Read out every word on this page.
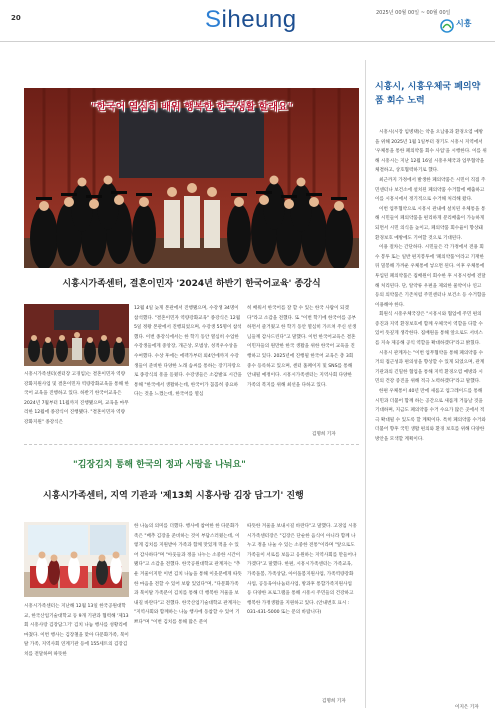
20	Siheung	2025년 00월 00일 ~ 00월 00일
시흥
"한국어 열심히 배워 행복한 한국생활 할래요"
시흥시가족센터, 결혼이민자 '2024년 하반기 한국어교육' 종강식
시흥시가족센터(센터장 고경임)는 결혼이민자 역량강화지원사업 및 결혼이민자 역량강화교육을 통해 한국어 교육을 진행하고 있다. 하반기 한국어교육은 2024년 7월부터 11월까지 진행됐으며, 교육을 마무리한 12월에 종강식이 진행됐다. "결혼이민자 역량강화지원" 종강식은
12월 4일 늦게 본관에서 진행됐으며, 수강생 34명이 참석했다. "결혼이민자 역량강화교육" 종강식은 12월 5일 정왕 본관에서 진행되었으며, 수강생 55명이 참석했다. 이번 종강식에서는 한 학기 동안 열심히 수업한 수강생들에게 중앙장, 개근상, 모범상, 성적우수상을 수여했다. 수상 후에는 에펙가부터 외4언에까지 수강생들이 준비한 다양한 노래 솜씨를 통하는 장기자랑으로 종강식의 흥을 돋웠다. 수강생들은 소감발표 시간을 통해 "한국에서 생활하는데, 한국어가 꼼꼼히 중요하다는 것을 느꼈는데, 한국어를 열심
히 배워서 한국어를 잘 할 수 있는 한국 사람이 되겠다"라고 소감을 전했다. 또 "이번 학기에 한국어를 공부하면서 즐거웠고 한 학기 동안 열심히 가르쳐 주신 선생님들께 감사드린다"고 말했다. 이번 한국어교육은 결혼이민자들의 원만한 한국 생활을 위한 한국어 교육을 진행하고 있다. 2025년에 진행될 한국어 교육은 총 3회 중수 등록하고 있으며, 센터 홈페이지 및 SNS를 통해 안내될 예정이다. 시흥시가족센터는 지역사회 다양한 가족의 복지를 위해 최선을 다하고 있다.
김명희 기자
"김장김치 통해 한국의 정과 사랑을 나눠요"
시흥시가족센터, 지역 기관과 '제13회 시흥사랑 김장 담그기' 진행
시흥시가족센터는 지난해 12월 13일 한국공원대학교, 한국산업기술대학교 등 9개 기관과 협력해 '제13회 시흥사랑 김장담그기' 김치 나눔 행사를 성황리에 마쳤다. 이번 행사는 김장철을 맞아 다문화가족, 북이탈 가족, 지역사회 연계기관 등에 155세트의 김장김치를 전달하며 따뜻한
한 나눔의 의미를 더했다. 행사에 참여한 한 다문화가족은 "배추 김장을 준비하는 것이 부담스러웠는데, 이렇게 김치를 지원받아 가족과 함께 맛있게 먹을 수 있어 감사하다"며 "아웃들과 정을 나누는 소중한 시간이 됐다"고 소감을 전했다. 한국공원대학교 관계자는 "추운 겨울이지만 이번 김치 나눔을 통해 이웃분에게 따뜻한 마음을 전할 수 있어 보람 있었다"며, "다문화가족과 북이탈 가족분이 김치를 통해 더 행복한 겨울을 보내길 바란다"고 전했다. 한국산업기술대학교 관계자는 "지역사회와 함께하는 나눔 행사에 동참할 수 있어 기쁘다"며 "이번 김치를 통해 많은 분이
따뜻한 겨울을 보내시길 바란다"고 말했다. 고경임 시흥시가족센터장은 "김장은 단순한 음식이 아니라 함께 나누고 정을 나눌 수 있는 소중한 전통"이라며 "앞으로도 가족들이 서로를 보듬고 응원하는 지역사회를 만들어나가겠다"고 말했다. 한편, 시흥시가족센터는 가족교육, 가족돌봄, 가족상담, 아이돌봄지원사업, 가족역량강화사업, 공동육아나눔터사업, 방과후 통합가족지원사업 등 다양한 프로그램을 통해 시흥시 주민들의 건강하고 행복한 가정생활을 지원하고 있다. (안내번호 표시 : 031-431-5000 또는 문의 바랍니다)
김명희 기자
시흥시, 시흥우체국 폐의약품 회수 노력
시흥시(시장 임병택)는 약을 오남용과 환경오염 예방을 위해 2025년 1월 1일부터 경기도 시흥시 지역에서 '우체통을 통한 폐의약품 회수 사업'을 시행한다. 이를 위해 시흥시는 지난 12월 16일 시흥우체국과 업무협약을 체결하고, 상호협력하기로 했다.
최근까지 가정에서 발생한 폐의약품은 시민이 직접 주민센터나 보건소에 설치된 폐의약품 수거함에 배출하고 이를 시흥시에서 정기적으로 수거해 처리해 왔다.
이번 업무협약으로 시흥시 관내에 설치된 우체통을 통해 시민들이 폐의약품을 편리하게 분리배출이 가능하게 되면서 시민 의식을 높이고, 폐의약품 회수율이 향상돼 환경보호 예방에도 기여할 것으로 기대된다.
이용 절차는 간단하다. 시민들은 각 가정에서 전용 회수 봉투 또는 일반 편지봉투에 '폐의약품'이라고 기재한 뒤 밀봉해 가까운 우체통에 넣으면 된다. 이후 우체통에 투입된 폐의약품은 집배원이 회수한 후 시흥시청에 전달해 처리된다. 단, 알약류 우편을 제외한 물약이나 연고 등의 의약품은 기존처럼 주민센터나 보건소 등 수거함을 이용해야 한다.
회원식 시흥우체국장은 "시흥시와 협업에 주민 편의 증진과 지역 환경보호에 함께 우체국이 역할을 다할 수 있어 뜻깊게 생각한다. 집배원을 통해 앞으로도 서비스를 지속 제공해 공익 역할을 확대하겠다"라고 밝혔다.
시흥시 관계자는 "이번 업무협약을 통해 폐의약품 수거의 접근성과 편의성을 향상할 수 있게 되었으며, 관계 기관과의 긴밀한 협업을 통해 지역 환경오염 예방과 시민의 건강 증진을 위해 적극 노력하겠다"라고 말했다.
한편 우체통이 40년 만에 새롭고 업그레이드를 통해 시민과 더불어 함께 하는 공간으로 새롭게 거듭날 것을 기대하며, 지금도 폐의약품 수거 수요가 많은 곳에서 적극 확대될 수 있도록 할 계획이다. 특히 폐의약품 수거와 더불어 향후 국민 생활 편의와 환경 보호를 위해 다양한 방안을 모색할 계획이다.
이지은 기자
